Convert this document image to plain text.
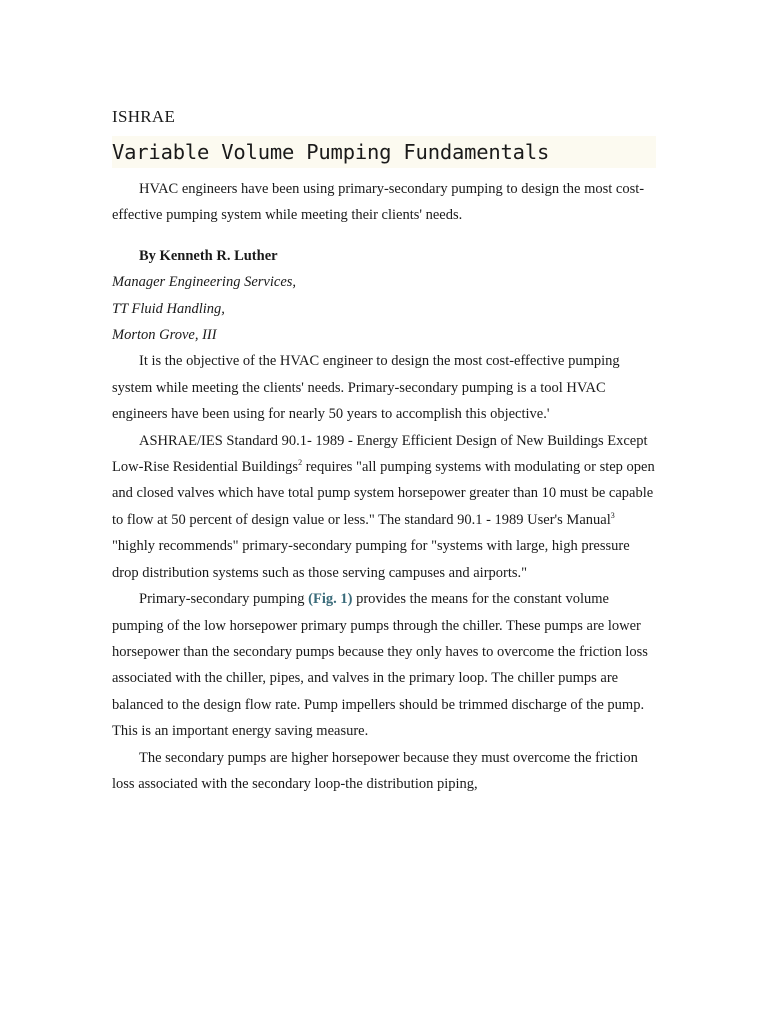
ISHRAE
Variable Volume Pumping Fundamentals

HVAC engineers have been using primary-secondary pumping to design the most cost-effective pumping system while meeting their clients' needs.

By Kenneth R. Luther
Manager Engineering Services,
TT Fluid Handling,
Morton Grove, III

It is the objective of the HVAC engineer to design the most cost-effective pumping system while meeting the clients' needs. Primary-secondary pumping is a tool HVAC engineers have been using for nearly 50 years to accomplish this objective.'

ASHRAE/IES Standard 90.1- 1989 - Energy Efficient Design of New Buildings Except Low-Rise Residential Buildings$^2$ requires "all pumping systems with modulating or step open and closed valves which have total pump system horsepower greater than 10 must be capable to flow at 50 percent of design value or less." The standard 90.1 - 1989 User's Manual$^3$ "highly recommends" primary-secondary pumping for "systems with large, high pressure drop distribution systems such as those serving campuses and airports."

Primary-secondary pumping (Fig. 1) provides the means for the constant volume pumping of the low horsepower primary pumps through the chiller. These pumps are lower horsepower than the secondary pumps because they only haves to overcome the friction loss associated with the chiller, pipes, and valves in the primary loop. The chiller pumps are balanced to the design flow rate. Pump impellers should be trimmed discharge of the pump. This is an important energy saving measure.

The secondary pumps are higher horsepower because they must overcome the friction loss associated with the secondary loop-the distribution piping,
